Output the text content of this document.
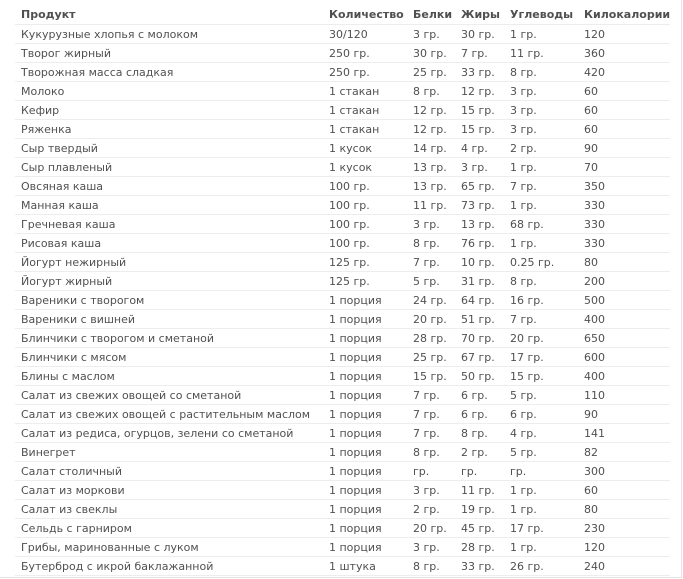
Продукт	Количество	Белки	Жиры	Углеводы	Килокалории
Кукурузные хлопья с молоком	30/120	3 гр.	30 гр.	1 гр.	120
Творог жирный	250 гр.	30 гр.	7 гр.	11 гр.	360
Творожная масса сладкая	250 гр.	25 гр.	33 гр.	8 гр.	420
Молоко	1 стакан	8 гр.	12 гр.	3 гр.	60
Кефир	1 стакан	12 гр.	15 гр.	3 гр.	60
Ряженка	1 стакан	12 гр.	15 гр.	3 гр.	60
Сыр твердый	1 кусок	14 гр.	4 гр.	2 гр.	90
Сыр плавленый	1 кусок	13 гр.	3 гр.	1 гр.	70
Овсяная каша	100 гр.	13 гр.	65 гр.	7 гр.	350
Манная каша	100 гр.	11 гр.	73 гр.	1 гр.	330
Гречневая каша	100 гр.	3 гр.	13 гр.	68 гр.	330
Рисовая каша	100 гр.	8 гр.	76 гр.	1 гр.	330
Йогурт нежирный	125 гр.	7 гр.	10 гр.	0.25 гр.	80
Йогурт жирный	125 гр.	5 гр.	31 гр.	8 гр.	200
Вареники с творогом	1 порция	24 гр.	64 гр.	16 гр.	500
Вареники с вишней	1 порция	20 гр.	51 гр.	7 гр.	400
Блинчики с творогом и сметаной	1 порция	28 гр.	70 гр.	20 гр.	650
Блинчики с мясом	1 порция	25 гр.	67 гр.	17 гр.	600
Блины с маслом	1 порция	15 гр.	50 гр.	15 гр.	400
Салат из свежих овощей со сметаной	1 порция	7 гр.	6 гр.	5 гр.	110
Салат из свежих овощей с растительным маслом	1 порция	7 гр.	6 гр.	6 гр.	90
Салат из редиса, огурцов, зелени со сметаной	1 порция	7 гр.	8 гр.	4 гр.	141
Винегрет	1 порция	8 гр.	2 гр.	5 гр.	82
Салат столичный	1 порция	гр.	гр.	гр.	300
Салат из моркови	1 порция	3 гр.	11 гр.	1 гр.	60
Салат из свеклы	1 порция	2 гр.	19 гр.	1 гр.	80
Сельдь с гарниром	1 порция	20 гр.	45 гр.	17 гр.	230
Грибы, маринованные с луком	1 порция	3 гр.	28 гр.	1 гр.	120
Бутерброд с икрой баклажанной	1 штука	8 гр.	33 гр.	26 гр.	240
